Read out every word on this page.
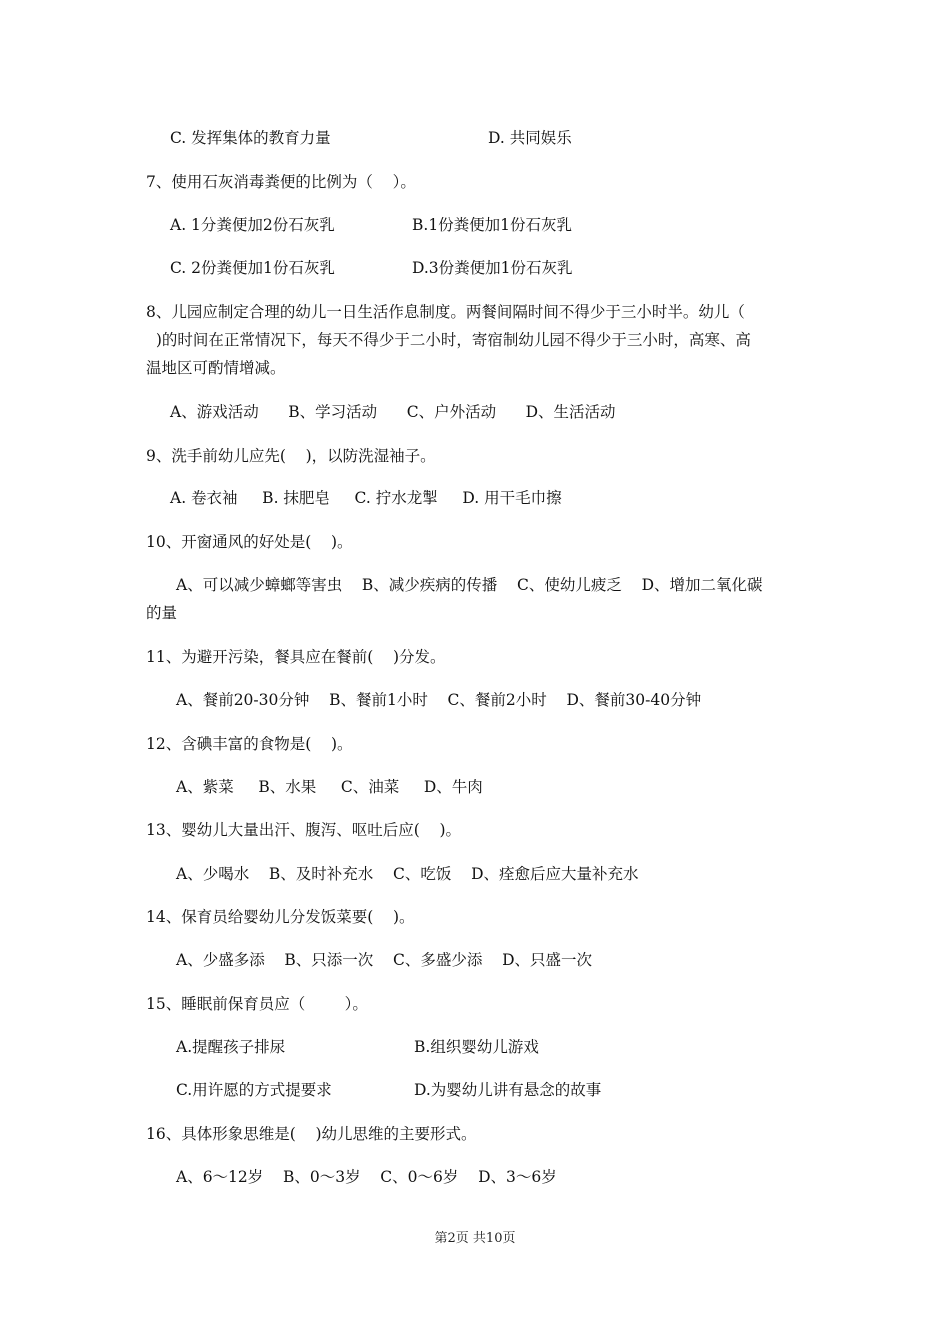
C. 发挥集体的教育力量	D. 共同娱乐
7、使用石灰消毒粪便的比例为（    ）。
A. 1分粪便加2份石灰乳	B.1份粪便加1份石灰乳
C. 2份粪便加1份石灰乳	D.3份粪便加1份石灰乳
8、儿园应制定合理的幼儿一日生活作息制度。两餐间隔时间不得少于三小时半。幼儿（
)的时间在正常情况下，每天不得少于二小时，寄宿制幼儿园不得少于三小时，高寒、高
温地区可酌情增减。
A、游戏活动      B、学习活动      C、户外活动      D、生活活动
9、洗手前幼儿应先(    )，以防洗湿袖子。
A. 卷衣袖     B. 抹肥皂     C. 拧水龙掣     D. 用干毛巾擦
10、开窗通风的好处是(    )。
A、可以减少蟑螂等害虫    B、减少疾病的传播    C、使幼儿疲乏    D、增加二氧化碳
的量
11、为避开污染，餐具应在餐前(    )分发。
A、餐前20-30分钟    B、餐前1小时    C、餐前2小时    D、餐前30-40分钟
12、含碘丰富的食物是(    )。
A、紫菜     B、水果     C、油菜     D、牛肉
13、婴幼儿大量出汗、腹泻、呕吐后应(    )。
A、少喝水    B、及时补充水    C、吃饭    D、痊愈后应大量补充水
14、保育员给婴幼儿分发饭菜要(    )。
A、少盛多添    B、只添一次    C、多盛少添    D、只盛一次
15、睡眠前保育员应（        ）。
A.提醒孩子排尿	B.组织婴幼儿游戏
C.用许愿的方式提要求	D.为婴幼儿讲有悬念的故事
16、具体形象思维是(    )幼儿思维的主要形式。
A、6～12岁    B、0～3岁    C、0～6岁    D、3～6岁
第2页 共10页
